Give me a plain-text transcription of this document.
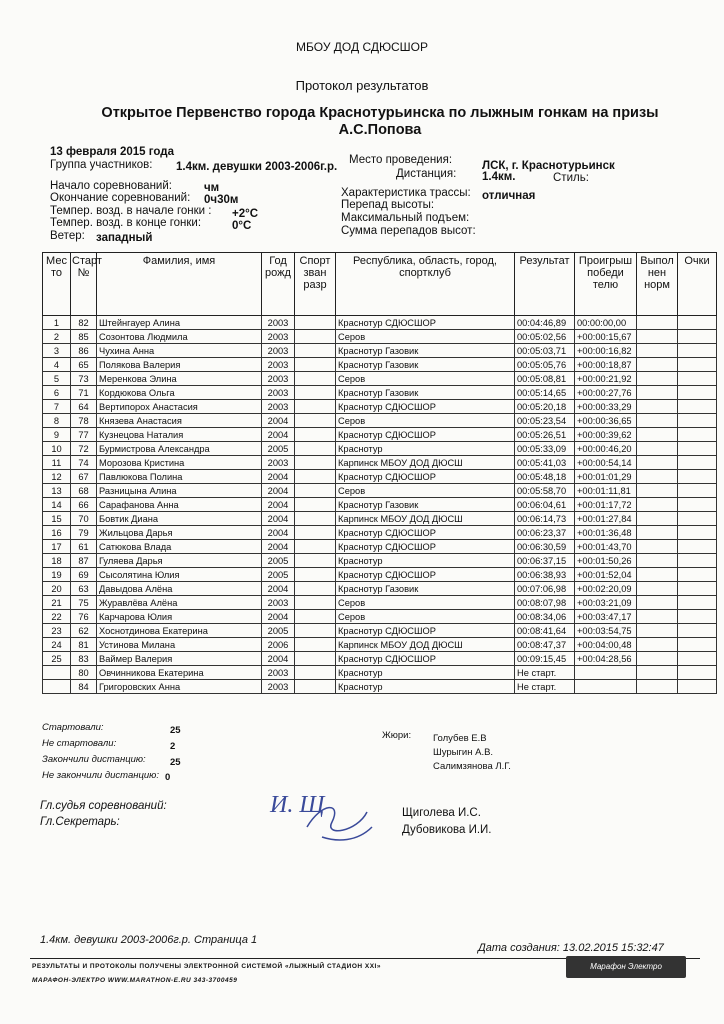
МБОУ ДОД СДЮСШОР
Протокол результатов
Открытое Первенство города Краснотурьинска по лыжным гонкам на призы А.С.Попова
13 февраля 2015 года
Группа участников: 1.4км. девушки 2003-2006г.р.
Место проведения:	ЛСК, г. Краснотурьинск
Дистанция: 1.4км.	Стиль:
Начало соревнований:	чм
Окончание соревнований: 0ч30м
Темпер. возд. в начале гонки : +2°C
Темпер. возд. в конце гонки:	0°C
Ветер: западный
Характеристика трассы: отличная
Перепад высоты:
Максимальный подъем:
Сумма перепадов высот:
Мес то	Старт №	Фамилия, имя	Год рожд	Спорт зван разр	Республика, область, город, спортклуб	Результат	Проигрыш победи телю	Выпол нен норм	Очки
1	82	Штейнгауер Алина	2003		Краснотур СДЮСШОР	00:04:46,89	00:00:00,00		
2	85	Созонтова Людмила	2003		Серов	00:05:02,56	+00:00:15,67		
3	86	Чухина Анна	2003		Краснотур Газовик	00:05:03,71	+00:00:16,82		
4	65	Полякова Валерия	2003		Краснотур Газовик	00:05:05,76	+00:00:18,87		
5	73	Меренкова Элина	2003		Серов	00:05:08,81	+00:00:21,92		
6	71	Кордюкова Ольга	2003		Краснотур Газовик	00:05:14,65	+00:00:27,76		
7	64	Вертипорох Анастасия	2003		Краснотур СДЮСШОР	00:05:20,18	+00:00:33,29		
8	78	Князева Анастасия	2004		Серов	00:05:23,54	+00:00:36,65		
9	77	Кузнецова Наталия	2004		Краснотур СДЮСШОР	00:05:26,51	+00:00:39,62		
10	72	Бурмистрова Александра	2005		Краснотур	00:05:33,09	+00:00:46,20		
11	74	Морозова Кристина	2003		Карпинск МБОУ ДОД ДЮСШ	00:05:41,03	+00:00:54,14		
12	67	Павлюкова Полина	2004		Краснотур СДЮСШОР	00:05:48,18	+00:01:01,29		
13	68	Разницына Алина	2004		Серов	00:05:58,70	+00:01:11,81		
14	66	Сарафанова Анна	2004		Краснотур Газовик	00:06:04,61	+00:01:17,72		
15	70	Бовтик Диана	2004		Карпинск МБОУ ДОД ДЮСШ	00:06:14,73	+00:01:27,84		
16	79	Жильцова Дарья	2004		Краснотур СДЮСШОР	00:06:23,37	+00:01:36,48		
17	61	Сатюкова Влада	2004		Краснотур СДЮСШОР	00:06:30,59	+00:01:43,70		
18	87	Гуляева Дарья	2005		Краснотур	00:06:37,15	+00:01:50,26		
19	69	Сысолятина Юлия	2005		Краснотур СДЮСШОР	00:06:38,93	+00:01:52,04		
20	63	Давыдова Алёна	2004		Краснотур Газовик	00:07:06,98	+00:02:20,09		
21	75	Журавлёва Алёна	2003		Серов	00:08:07,98	+00:03:21,09		
22	76	Карчарова Юлия	2004		Серов	00:08:34,06	+00:03:47,17		
23	62	Хоснотдинова Екатерина	2005		Краснотур СДЮСШОР	00:08:41,64	+00:03:54,75		
24	81	Устинова Милана	2006		Карпинск МБОУ ДОД ДЮСШ	00:08:47,37	+00:04:00,48		
25	83	Ваймер Валерия	2004		Краснотур СДЮСШОР	00:09:15,45	+00:04:28,56		
	80	Овчинникова Екатерина	2003		Краснотур	Не старт.			
	84	Григоровских Анна	2003		Краснотур	Не старт.			
Стартовали:	25
Не стартовали:	2
Закончили дистанцию:	25
Не закончили дистанцию: 0
Жюри: Голубев Е.В
Шурыгин А.В.
Салимзянова Л.Г.
Гл.судья соревнований:
Гл.Секретарь:
Щиголева И.С.
Дубовикова И.И.
И. Щ
1.4км. девушки 2003-2006г.р. Страница 1
Дата создания: 13.02.2015 15:32:47
РЕЗУЛЬТАТЫ И ПРОТОКОЛЫ ПОЛУЧЕНЫ ЭЛЕКТРОННОЙ СИСТЕМОЙ «ЛЫЖНЫЙ СТАДИОН XXI»
МАРАФОН-ЭЛЕКТРО WWW.MARATHON-E.RU 343-3700459
Марафон Электро
